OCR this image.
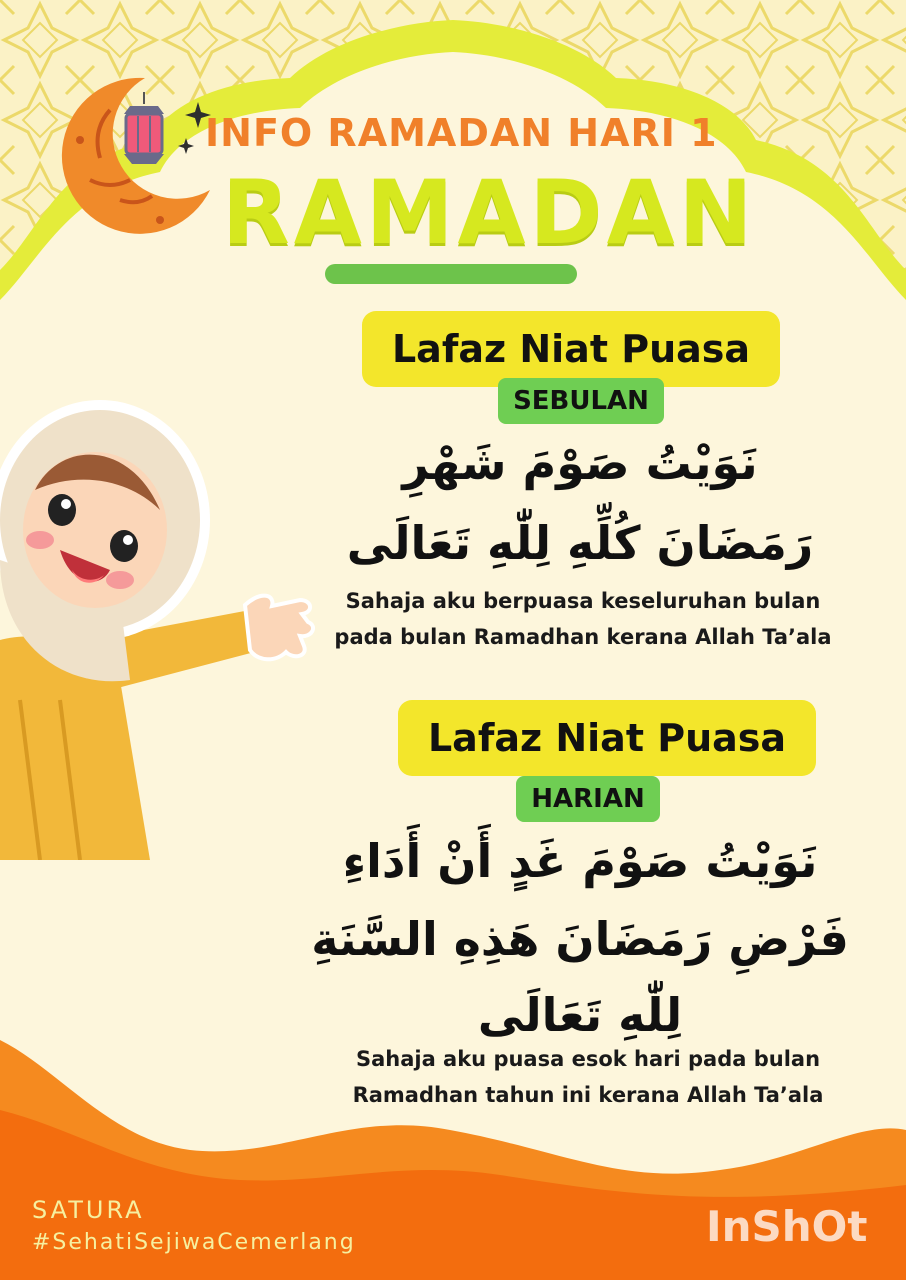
INFO RAMADAN HARI 1
RAMADAN
Lafaz Niat Puasa
SEBULAN
نَوَيْتُ صَوْمَ شَهْرِ
رَمَضَانَ كُلِّهِ لِلّٰهِ تَعَالَى
Sahaja aku berpuasa keseluruhan bulan
pada bulan Ramadhan kerana Allah Ta’ala
Lafaz Niat Puasa
HARIAN
نَوَيْتُ صَوْمَ غَدٍ أَنْ أَدَاءِ
فَرْضِ رَمَضَانَ هَذِهِ السَّنَةِ
لِلّٰهِ تَعَالَى
Sahaja aku puasa esok hari pada bulan
Ramadhan tahun ini kerana Allah Ta’ala
SATURA
#SehatiSejiwaCemerlang	InShOt
